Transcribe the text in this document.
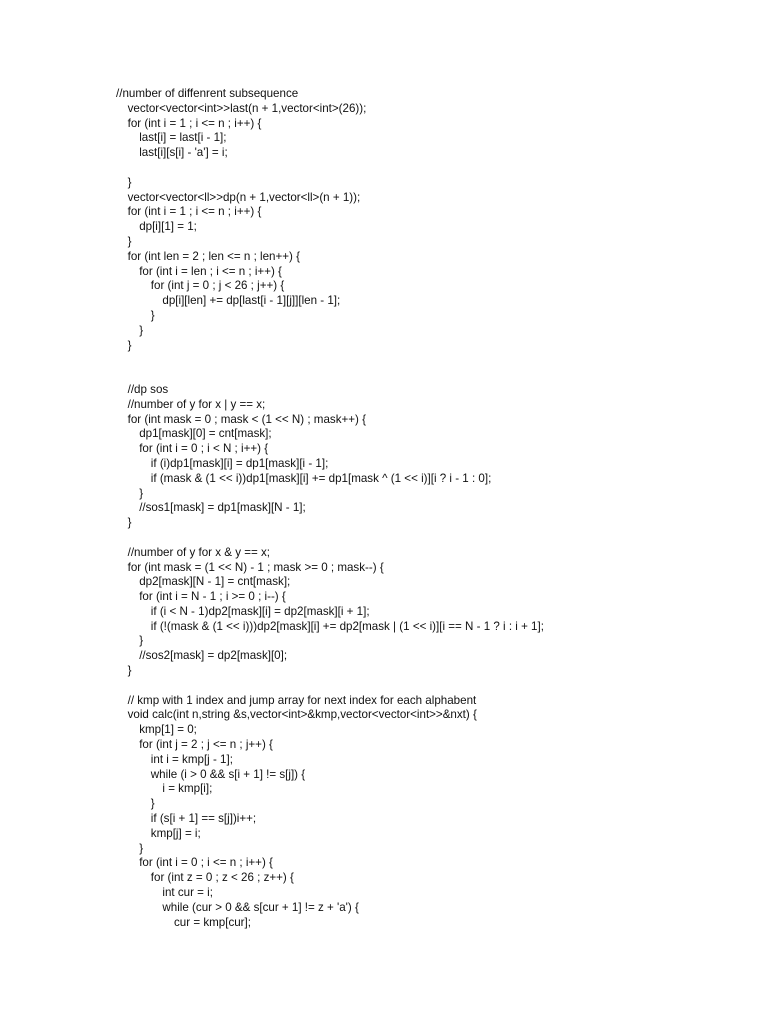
//number of diffenrent subsequence
vector<vector<int>>last(n + 1,vector<int>(26));
for (int i = 1 ; i <= n ; i++) {
last[i] = last[i - 1];
last[i][s[i] - 'a'] = i;
}
vector<vector<ll>>dp(n + 1,vector<ll>(n + 1));
for (int i = 1 ; i <= n ; i++) {
dp[i][1] = 1;
}
for (int len = 2 ; len <= n ; len++) {
for (int i = len ; i <= n ; i++) {
for (int j = 0 ; j < 26 ; j++) {
dp[i][len] += dp[last[i - 1][j]][len - 1];
}
}
}
//dp sos
//number of y for x | y == x;
for (int mask = 0 ; mask < (1 << N) ; mask++) {
dp1[mask][0] = cnt[mask];
for (int i = 0 ; i < N ; i++) {
if (i)dp1[mask][i] = dp1[mask][i - 1];
if (mask & (1 << i))dp1[mask][i] += dp1[mask ^ (1 << i)][i ? i - 1 : 0];
}
//sos1[mask] = dp1[mask][N - 1];
}
//number of y for x & y == x;
for (int mask = (1 << N) - 1 ; mask >= 0 ; mask--) {
dp2[mask][N - 1] = cnt[mask];
for (int i = N - 1 ; i >= 0 ; i--) {
if (i < N - 1)dp2[mask][i] = dp2[mask][i + 1];
if (!(mask & (1 << i)))dp2[mask][i] += dp2[mask | (1 << i)][i == N - 1 ? i : i + 1];
}
//sos2[mask] = dp2[mask][0];
}
// kmp with 1 index and jump array for next index for each alphabent
void calc(int n,string &s,vector<int>&kmp,vector<vector<int>>&nxt) {
kmp[1] = 0;
for (int j = 2 ; j <= n ; j++) {
int i = kmp[j - 1];
while (i > 0 && s[i + 1] != s[j]) {
i = kmp[i];
}
if (s[i + 1] == s[j])i++;
kmp[j] = i;
}
for (int i = 0 ; i <= n ; i++) {
for (int z = 0 ; z < 26 ; z++) {
int cur = i;
while (cur > 0 && s[cur + 1] != z + 'a') {
cur = kmp[cur];
